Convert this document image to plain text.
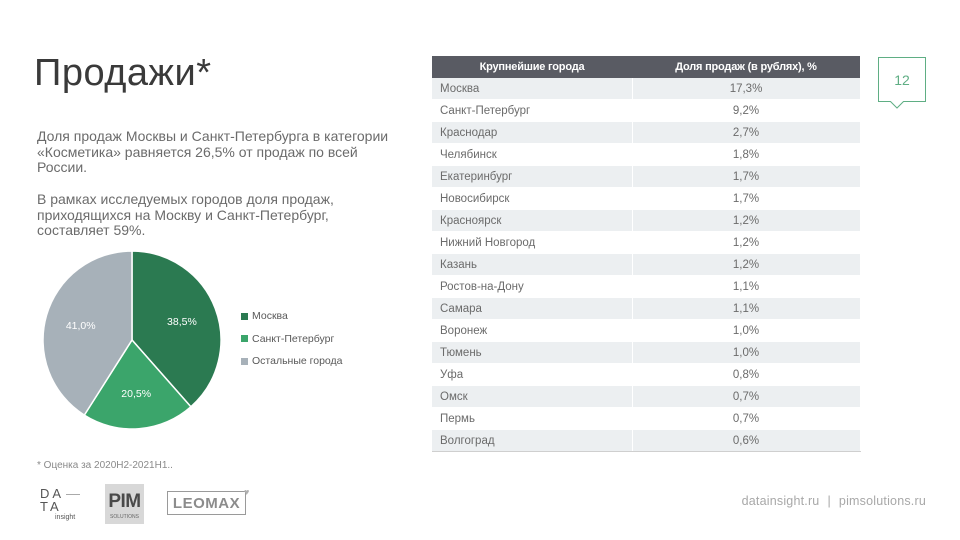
Продажи*

Доля продаж Москвы и Санкт-Петербурга в категории «Косметика» равняется 26,5% от продаж по всей России.

В рамках исследуемых городов доля продаж, приходящихся на Москву и Санкт-Петербург, составляет 59%.

38,5%
20,5%
41,0%
Москва
Санкт-Петербург
Остальные города
* Оценка за 2020Н2-2021Н1..
Крупнейшие города	Доля продаж (в рублях), %
Москва	17,3%
Санкт-Петербург	9,2%
Краснодар	2,7%
Челябинск	1,8%
Екатеринбург	1,7%
Новосибирск	1,7%
Красноярск	1,2%
Нижний Новгород	1,2%
Казань	1,2%
Ростов-на-Дону	1,1%
Самара	1,1%
Воронеж	1,0%
Тюмень	1,0%
Уфа	0,8%
Омск	0,7%
Пермь	0,7%
Волгоград	0,6%
12
DA
TA
insight
PIM
SOLUTIONS
LEOMAX
♥
datainsight.ru | pimsolutions.ru
